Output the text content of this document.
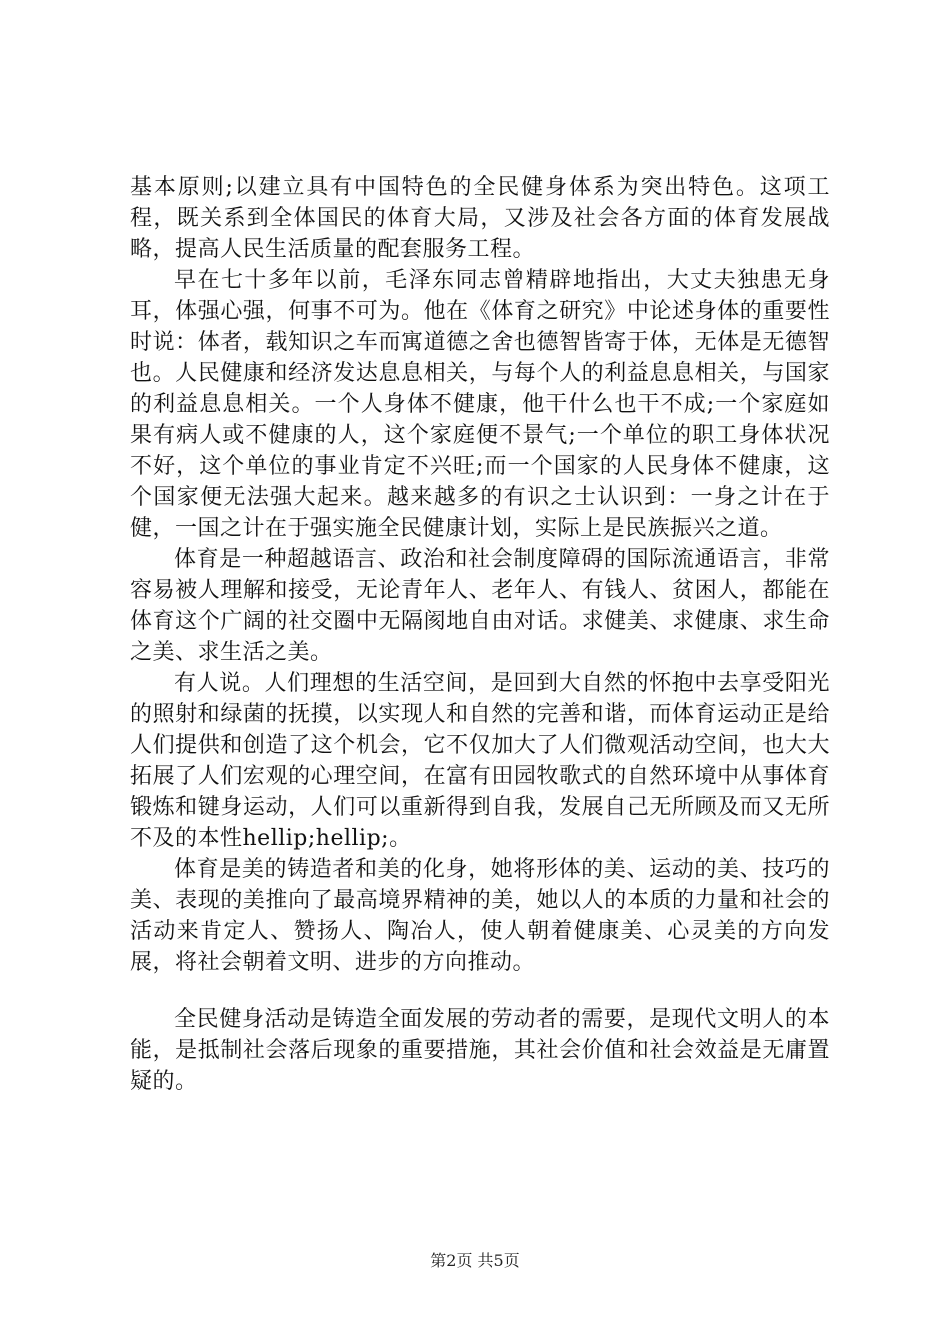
基本原则;以建立具有中国特色的全民健身体系为突出特色。这项工程，既关系到全体国民的体育大局，又涉及社会各方面的体育发展战略，提高人民生活质量的配套服务工程。

早在七十多年以前，毛泽东同志曾精辟地指出，大丈夫独患无身耳，体强心强，何事不可为。他在《体育之研究》中论述身体的重要性时说：体者，载知识之车而寓道德之舍也德智皆寄于体，无体是无德智也。人民健康和经济发达息息相关，与每个人的利益息息相关，与国家的利益息息相关。一个人身体不健康，他干什么也干不成;一个家庭如果有病人或不健康的人，这个家庭便不景气;一个单位的职工身体状况不好，这个单位的事业肯定不兴旺;而一个国家的人民身体不健康，这个国家便无法强大起来。越来越多的有识之士认识到：一身之计在于健，一国之计在于强实施全民健康计划，实际上是民族振兴之道。

体育是一种超越语言、政治和社会制度障碍的国际流通语言，非常容易被人理解和接受，无论青年人、老年人、有钱人、贫困人，都能在体育这个广阔的社交圈中无隔阂地自由对话。求健美、求健康、求生命之美、求生活之美。

有人说。人们理想的生活空间，是回到大自然的怀抱中去享受阳光的照射和绿菌的抚摸，以实现人和自然的完善和谐，而体育运动正是给人们提供和创造了这个机会，它不仅加大了人们微观活动空间，也大大拓展了人们宏观的心理空间，在富有田园牧歌式的自然环境中从事体育锻炼和键身运动，人们可以重新得到自我，发展自己无所顾及而又无所不及的本性hellip;hellip;。

体育是美的铸造者和美的化身，她将形体的美、运动的美、技巧的美、表现的美推向了最高境界精神的美，她以人的本质的力量和社会的活动来肯定人、赞扬人、陶冶人，使人朝着健康美、心灵美的方向发展，将社会朝着文明、进步的方向推动。

全民健身活动是铸造全面发展的劳动者的需要，是现代文明人的本能，是抵制社会落后现象的重要措施，其社会价值和社会效益是无庸置疑的。

第2页 共5页
